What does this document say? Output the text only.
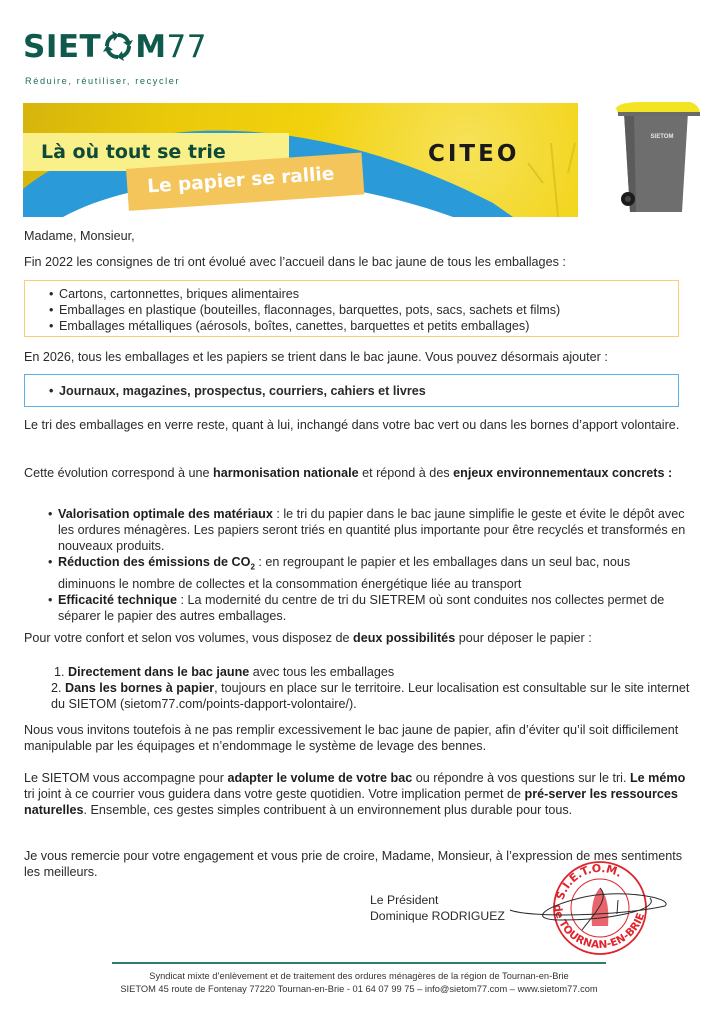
SIET M77
Réduire, réutiliser, recycler
Là où tout se trie
Le papier se rallie
CITEO
SIETOM
Madame, Monsieur,
Fin 2022 les consignes de tri ont évolué avec l’accueil dans le bac jaune de tous les emballages :
• Cartons, cartonnettes, briques alimentaires
• Emballages en plastique (bouteilles, flaconnages, barquettes, pots, sacs, sachets et films)
• Emballages métalliques (aérosols, boîtes, canettes, barquettes et petits emballages)
En 2026, tous les emballages et les papiers se trient dans le bac jaune. Vous pouvez désormais ajouter :
• Journaux, magazines, prospectus, courriers, cahiers et livres
Le tri des emballages en verre reste, quant à lui, inchangé dans votre bac vert ou dans les bornes d’apport volontaire.
Cette évolution correspond à une harmonisation nationale et répond à des enjeux environnementaux concrets :
• Valorisation optimale des matériaux : le tri du papier dans le bac jaune simplifie le geste et évite le dépôt avec les ordures ménagères. Les papiers seront triés en quantité plus importante pour être recyclés et transformés en nouveaux produits.
• Réduction des émissions de $CO_2$ : en regroupant le papier et les emballages dans un seul bac, nous diminuons le nombre de collectes et la consommation énergétique liée au transport
• Efficacité technique : La modernité du centre de tri du SIETREM où sont conduites nos collectes permet de séparer le papier des autres emballages.
Pour votre confort et selon vos volumes, vous disposez de deux possibilités pour déposer le papier :
1. Directement dans le bac jaune avec tous les emballages
2. Dans les bornes à papier, toujours en place sur le territoire. Leur localisation est consultable sur le site internet du SIETOM (sietom77.com/points-dapport-volontaire/).
Nous vous invitons toutefois à ne pas remplir excessivement le bac jaune de papier, afin d’éviter qu’il soit difficilement manipulable par les équipages et n’endommage le système de levage des bennes.
Le SIETOM vous accompagne pour adapter le volume de votre bac ou répondre à vos questions sur le tri. Le mémo tri joint à ce courrier vous guidera dans votre geste quotidien. Votre implication permet de pré-server les ressources naturelles. Ensemble, ces gestes simples contribuent à un environnement plus durable pour tous.
Je vous remercie pour votre engagement et vous prie de croire, Madame, Monsieur, à l’expression de mes sentiments les meilleurs.
Le Président
Dominique RODRIGUEZ
S.I.E.T.O.M.
de TOURNAN-EN-BRIE
Syndicat mixte d’enlèvement et de traitement des ordures ménagères de la région de Tournan-en-Brie
SIETOM 45 route de Fontenay 77220 Tournan-en-Brie - 01 64 07 99 75 – info@sietom77.com – www.sietom77.com
